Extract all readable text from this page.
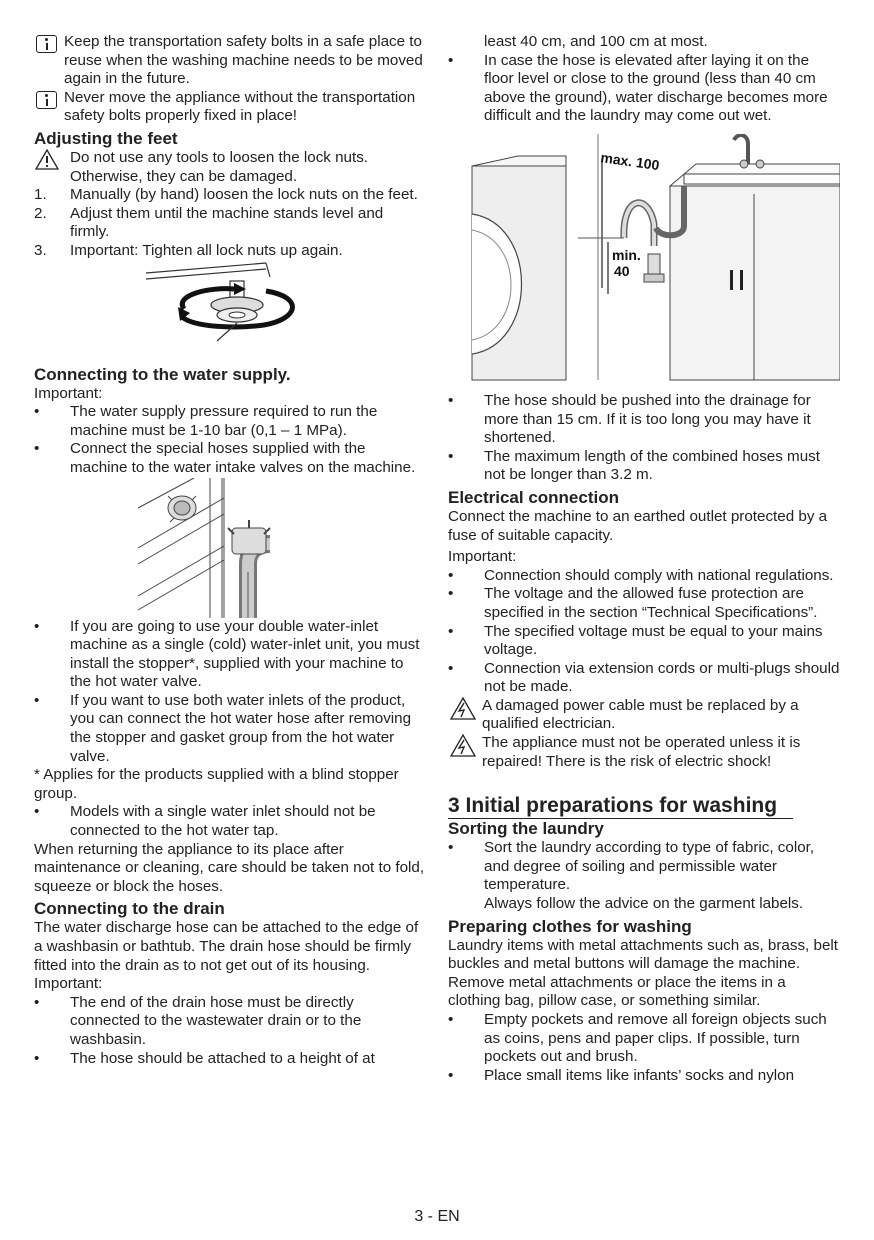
Keep the transportation safety bolts in a safe place to reuse when the washing machine needs to be moved again in the future.

Never move the appliance without the transportation safety bolts properly fixed in place!

Adjusting the feet

Do not use any tools to loosen the lock nuts. Otherwise, they can be damaged.

1.	Manually (by hand) loosen the lock nuts on the feet.
2.	Adjust them until the machine stands level and firmly.
3.	Important: Tighten all lock nuts up again.
Connecting to the water supply.

Important:

•	The water supply pressure required to run the machine must be 1-10 bar (0,1 – 1 MPa).
•	Connect the special hoses supplied with the machine to the water intake valves on the machine.
•	If you are going to use your double water-inlet machine as a single (cold) water-inlet unit, you must install the stopper*, supplied with your machine to the hot water valve.
•	If you want to use both water inlets of the product, you can connect the hot water hose after removing the stopper and gasket group from the hot water valve.

* Applies for the products supplied with a blind stopper group.

•	Models with a single water inlet should not be connected to the hot water tap.

When returning the appliance to its place after maintenance or cleaning, care should be taken not to fold, squeeze or block the hoses.

Connecting to the drain

The water discharge hose can be attached to the edge of a washbasin or bathtub. The drain hose should be firmly fitted into the drain as to not get out of its housing.

Important:

•	The end of the drain hose must be directly connected to the wastewater drain or to the washbasin.
•	The hose should be attached to a height of at
least 40 cm, and 100 cm at most.
•	In case the hose is elevated after laying it on the floor level or close to the ground (less than 40 cm above the ground), water discharge becomes more difficult and the laundry may come out wet.
max. 100
min.
40
•	The hose should be pushed into the drainage for more than 15 cm. If it is too long you may have it shortened.
•	The maximum length of the combined hoses must not be longer than 3.2 m.
Electrical connection

Connect the machine to an earthed outlet protected by a fuse of suitable capacity.

Important:

•	Connection should comply with national regulations.
•	The voltage and the allowed fuse protection are specified in the section “Technical Specifications”.
•	The specified voltage must be equal to your mains voltage.
•	Connection via extension cords or multi-plugs should not be made.

A damaged power cable must be replaced by a qualified electrician.

The appliance must not be operated unless it is repaired! There is the risk of electric shock!

3 Initial preparations for washing
Sorting the laundry
•	Sort the laundry according to type of fabric, color, and degree of soiling and permissible water temperature.
Always follow the advice on the garment labels.
Preparing clothes for washing

Laundry items with metal attachments such as, brass, belt buckles and metal buttons will damage the machine. Remove metal attachments or place the items in a clothing bag, pillow case, or something similar.

•	Empty pockets and remove all foreign objects such as coins, pens and paper clips. If possible, turn pockets out and brush.
•	Place small items like infants’ socks and nylon
3 - EN
